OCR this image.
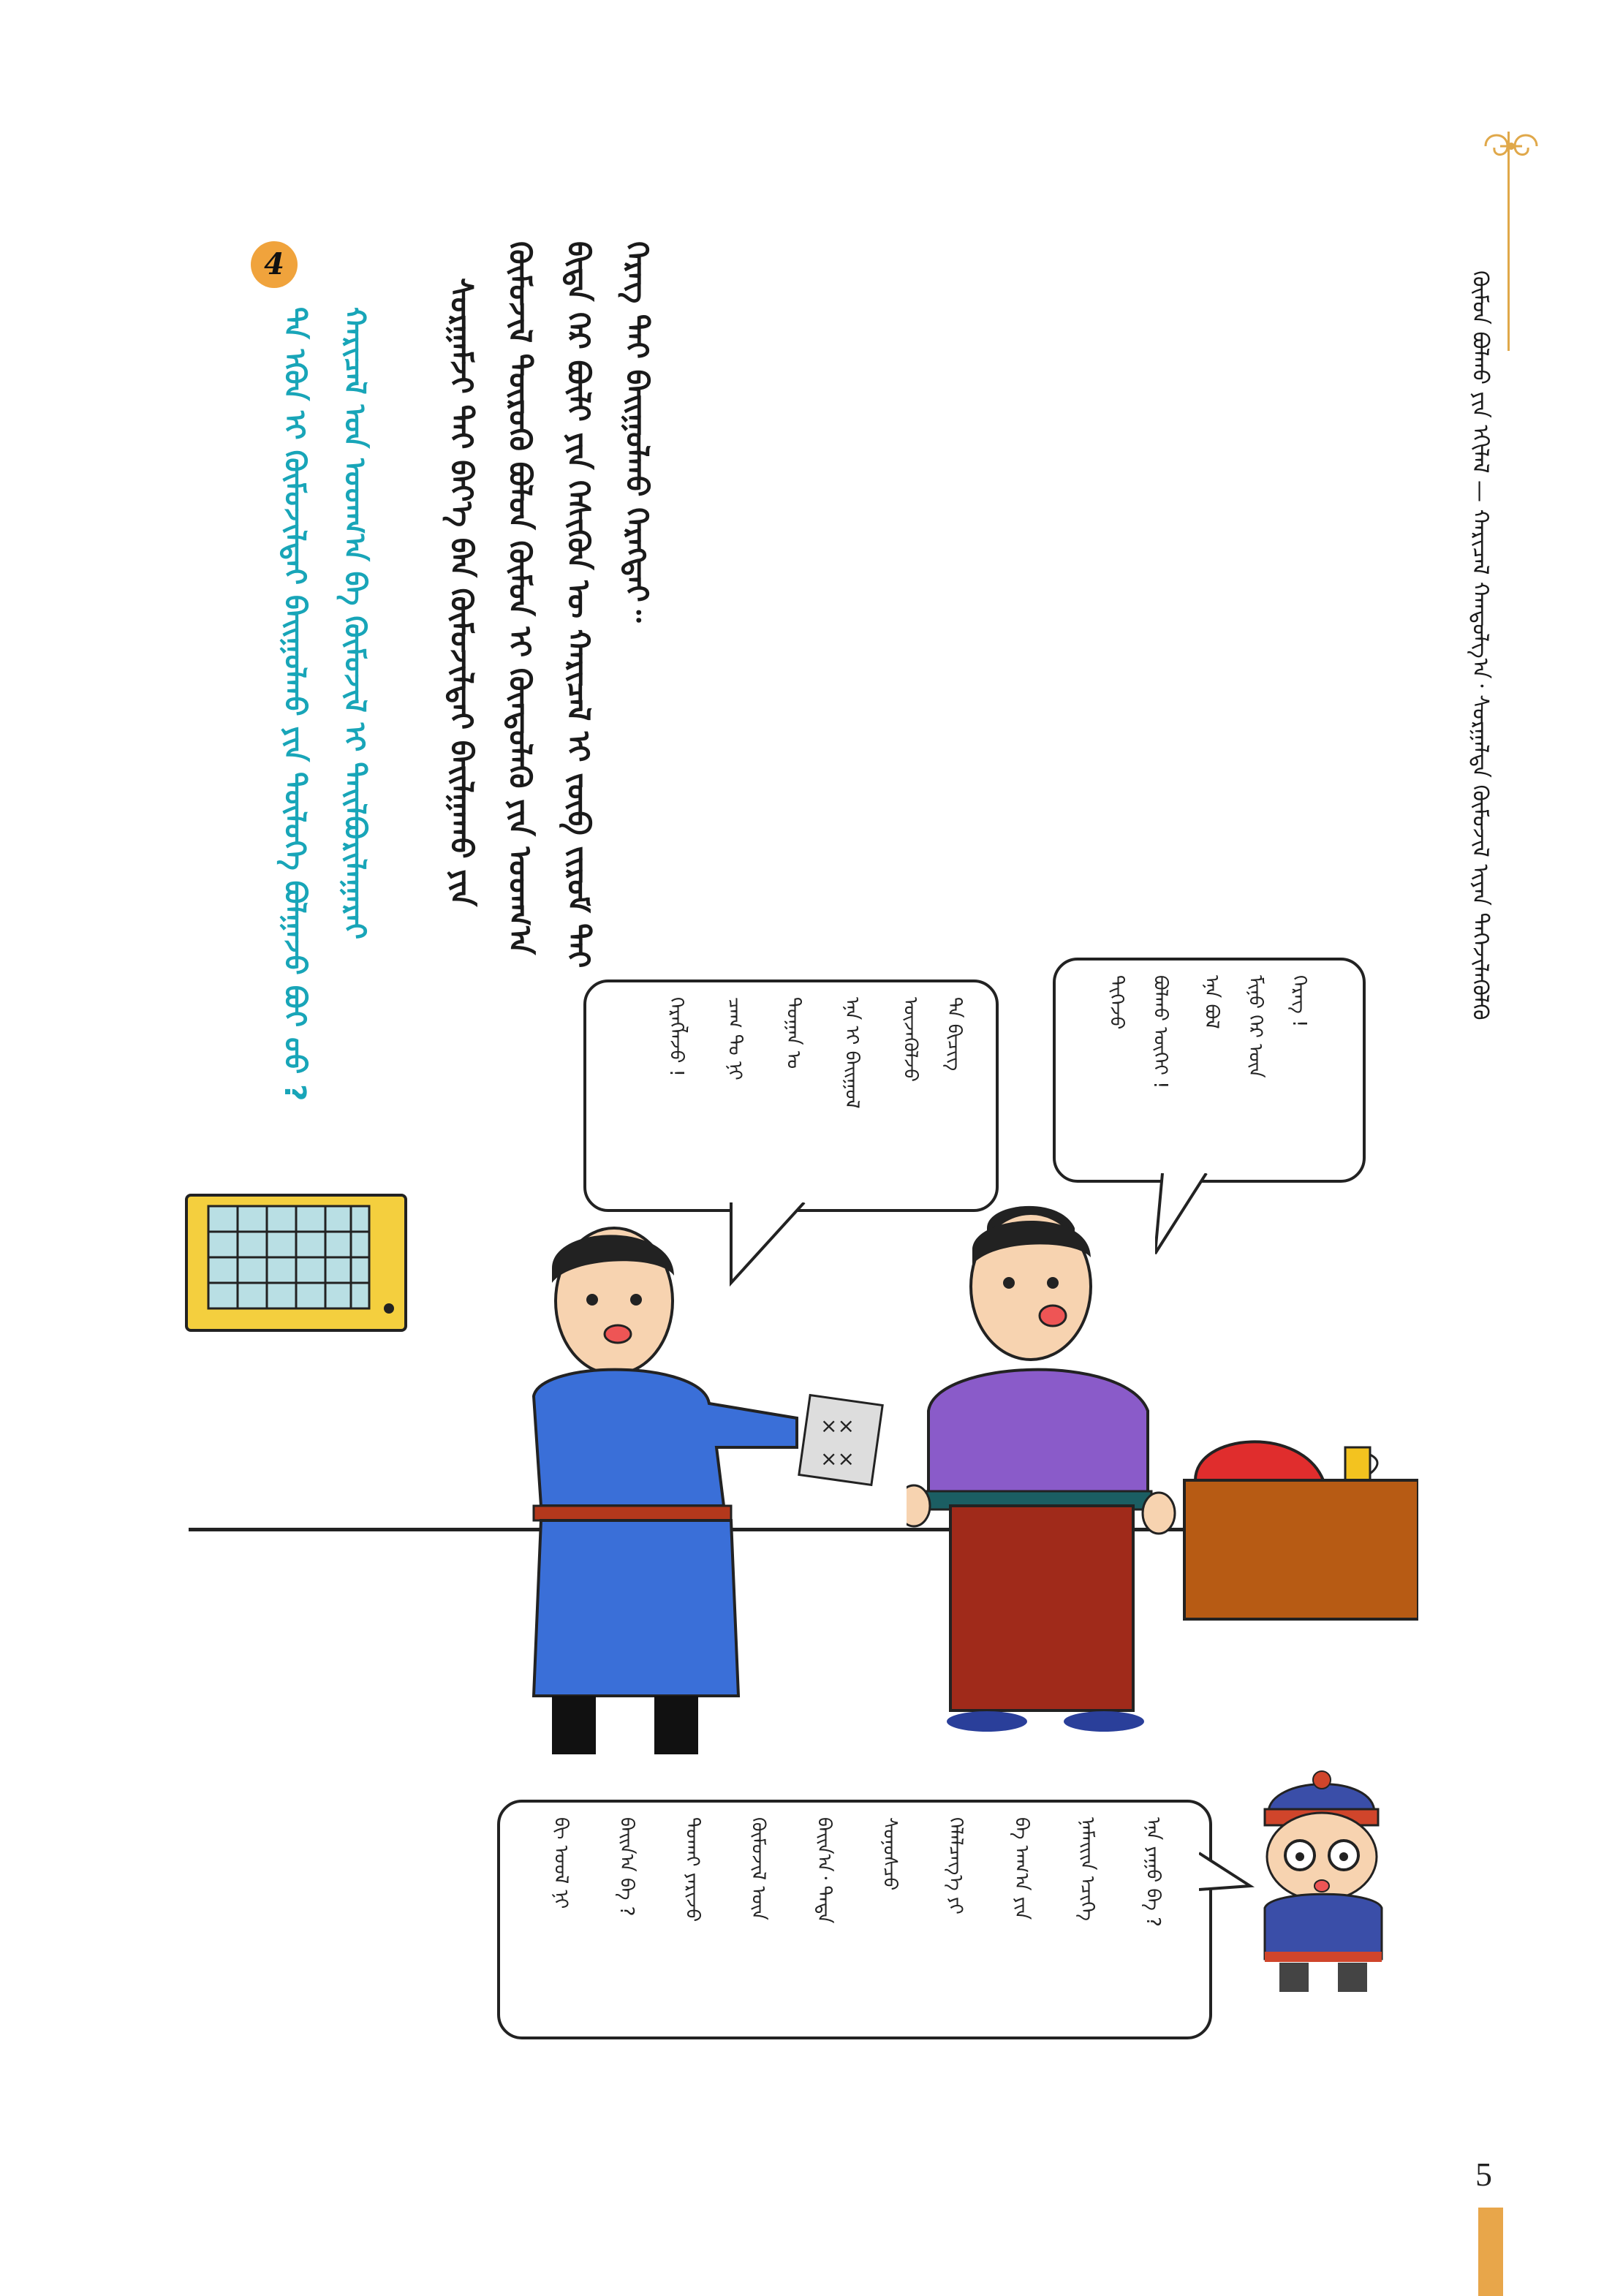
ᠬᠦᠮᠦᠨ ᠪᠤᠯᠬᠤ ᠶᠢᠨ ᠡᠬᠢᠯᠡᠯ — ᠬᠠᠷᠢᠴᠠᠯ ᠬᠠᠨᠳᠤᠯᠭ᠎ᠠ᠂ ᠰᠤᠷᠭᠠᠯᠲᠠ ᠬᠦᠮᠦᠵᠢᠯ ᠢᠶᠡᠨ ᠳᠡᠭᠡᠵᠢᠯᠡᠭᠦᠯᠬᠦ
ᠬᠡᠷᠡᠭ ᠲᠠᠢ ᠪᠠᠢᠭᠤᠯᠬᠤ ᠬᠡᠷᠡᠭᠲᠡᠢ᠃
ᠪᠢᠳᠡ ᠭᠡᠷ ᠪᠦᠯᠢ ᠶᠢᠨ ᠭᠡᠰᠢᠭᠦᠨ ᠦ ᠬᠠᠷᠢᠴᠠᠯ ᠢ ᠵᠥᠪ ᠵᠢᠷᠤᠮ ᠲᠠᠢ
ᠬᠦᠮᠦᠵᠢᠯ ᠲᠦᠷᠦᠬᠦ ᠪᠤᠯᠤᠨ ᠬᠦᠮᠦᠨ ᠢ ᠬᠦᠨᠳᠦᠯᠡᠬᠦ ᠶᠢᠨ ᠤᠳᠬ᠎ᠠ
ᠰᠤᠷᠭᠠᠮᠵᠢ ᠲᠠᠢ ᠪᠡᠶ᠎ᠡ ᠪᠡᠨ ᠬᠦᠮᠦᠵᠢᠯᠲᠡᠢ ᠪᠠᠢᠯᠭᠠᠬᠤ ᠶᠢᠨ
4
ᠬᠠᠷᠢᠴᠠᠯ ᠤᠨ ᠤᠳᠬ᠎ᠠ ᠪᠠ ᠬᠦᠮᠦᠵᠢᠯ ᠢ ᠲᠠᠢᠯᠪᠤᠷᠢᠯᠠᠭᠠᠷᠠᠢ
ᠲᠠ ᠡᠭᠦᠨ ᠢ ᠬᠦᠮᠦᠵᠢᠯᠲᠡᠢ ᠪᠠᠢᠭᠤᠯᠬᠤ ᠶᠢᠨ ᠲᠦᠯᠦᠬᠡ ᠪᠤᠯᠭᠠᠵᠤ ᠪᠤᠢ ᠤᠤ ?
××
××
ᠬᠡᠷᠡᠭ !
ᠮᠢᠨᠤ ᠭᠡᠷ ᠦᠨ
ᠡᠨᠡ ᠪᠣᠯ
ᠪᠣᠯᠬᠤ ᠦᠭᠡᠢ !
ᠲᠢᠭᠡᠵᠦ
ᠲᠠ ᠪᠢᠴᠢᠭ
ᠦᠵᠡᠭᠦᠯᠵᠦ
ᠡᠨᠡ ᠢ ᠪᠠᠢᠭᠤᠯ
ᠲᠣᠭᠠᠨ ᠤ
ᠴᠠᠭ ᠲᠤ ᠨᠢ
ᠬᠡᠷᠡᠭᠯᠡᠵᠦ !
ᠡᠨᠡ ᠶᠠᠭᠤ ᠪᠡ ?
ᠨᠠᠮᠠᠢᠢᠨ ᠡᠴᠢᠭᠡ
ᠪᠠ ᠠᠬ᠎ᠠ ᠶᠢᠨ
ᠬᠡᠯᠡᠯᠴᠡᠭ᠎ᠡ ᠶᠢ
ᠰᠣᠨᠣᠰᠴᠤ
ᠪᠠᠢᠨ᠎ᠠ᠂ ᠲᠡᠳᠡ
ᠬᠦᠮᠦᠵᠢᠯ ᠦᠨ
ᠲᠤᠬᠠᠢ ᠶᠠᠷᠢᠵᠤ
ᠪᠠᠢᠨ᠎ᠠ ᠪᠡ ?
ᠪᠢ ᠤᠤᠯ ᠨᠢ
5
